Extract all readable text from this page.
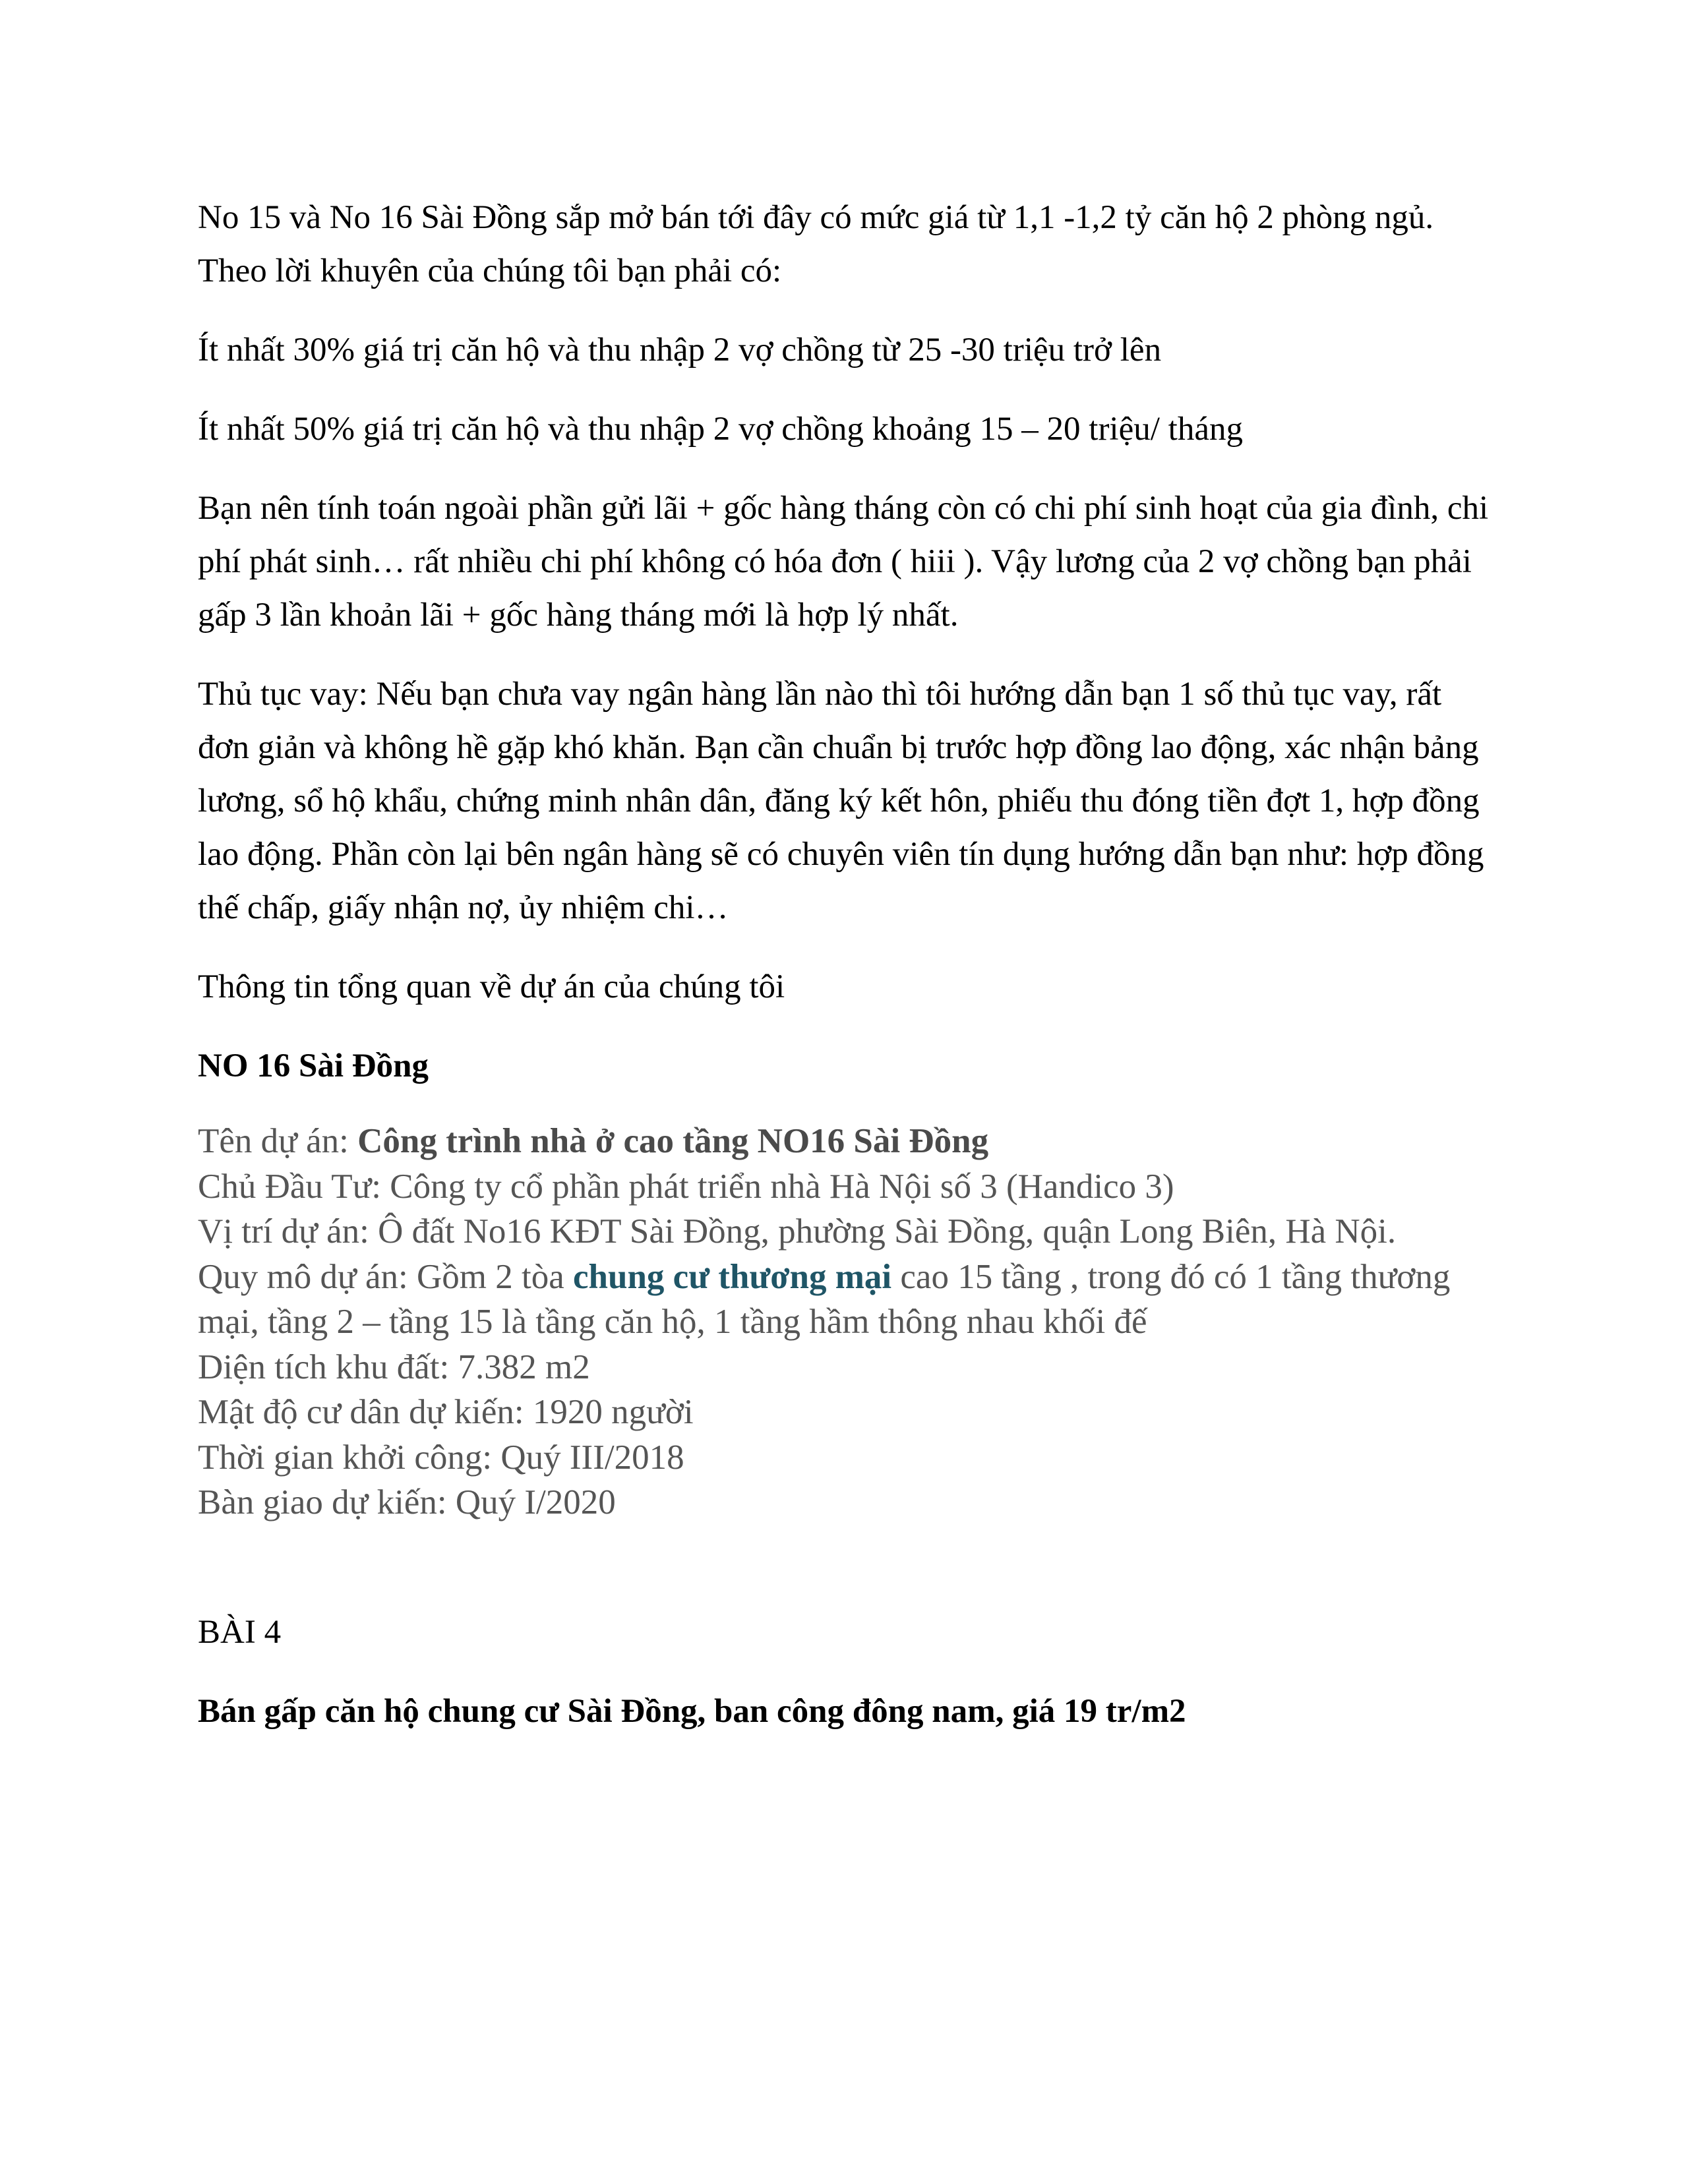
No 15 và No 16 Sài Đồng sắp mở bán tới đây có mức giá từ 1,1 -1,2 tỷ căn hộ 2 phòng ngủ. Theo lời khuyên của chúng tôi bạn phải có:

Ít nhất 30% giá trị căn hộ và thu nhập 2 vợ chồng từ 25 -30 triệu trở lên

Ít nhất 50% giá trị căn hộ và thu nhập 2 vợ chồng khoảng 15 – 20 triệu/ tháng

Bạn nên tính toán ngoài phần gửi lãi + gốc hàng tháng còn có chi phí sinh hoạt của gia đình, chi phí phát sinh… rất nhiều chi phí không có hóa đơn ( hiii ). Vậy lương của 2 vợ chồng bạn phải gấp 3 lần khoản lãi + gốc hàng tháng mới là hợp lý nhất.

Thủ tục vay: Nếu bạn chưa vay ngân hàng lần nào thì tôi hướng dẫn bạn 1 số thủ tục vay, rất đơn giản và không hề gặp khó khăn. Bạn cần chuẩn bị trước hợp đồng lao động, xác nhận bảng lương, sổ hộ khẩu, chứng minh nhân dân, đăng ký kết hôn, phiếu thu đóng tiền đợt 1, hợp đồng lao động. Phần còn lại bên ngân hàng sẽ có chuyên viên tín dụng hướng dẫn bạn như: hợp đồng thế chấp, giấy nhận nợ, ủy nhiệm chi…

Thông tin tổng quan về dự án của chúng tôi

NO 16 Sài Đồng

Tên dự án: Công trình nhà ở cao tầng NO16 Sài Đồng
Chủ Đầu Tư: Công ty cổ phần phát triển nhà Hà Nội số 3 (Handico 3)
Vị trí dự án: Ô đất No16 KĐT Sài Đồng, phường Sài Đồng, quận Long Biên, Hà Nội.
Quy mô dự án: Gồm 2 tòa chung cư thương mại cao 15 tầng , trong đó có 1 tầng thương mại, tầng 2 – tầng 15 là tầng căn hộ, 1 tầng hầm thông nhau khối đế
Diện tích khu đất: 7.382 m2
Mật độ cư dân dự kiến: 1920 người
Thời gian khởi công: Quý III/2018
Bàn giao dự kiến: Quý I/2020

BÀI 4

Bán gấp căn hộ chung cư Sài Đồng, ban công đông nam, giá 19 tr/m2
